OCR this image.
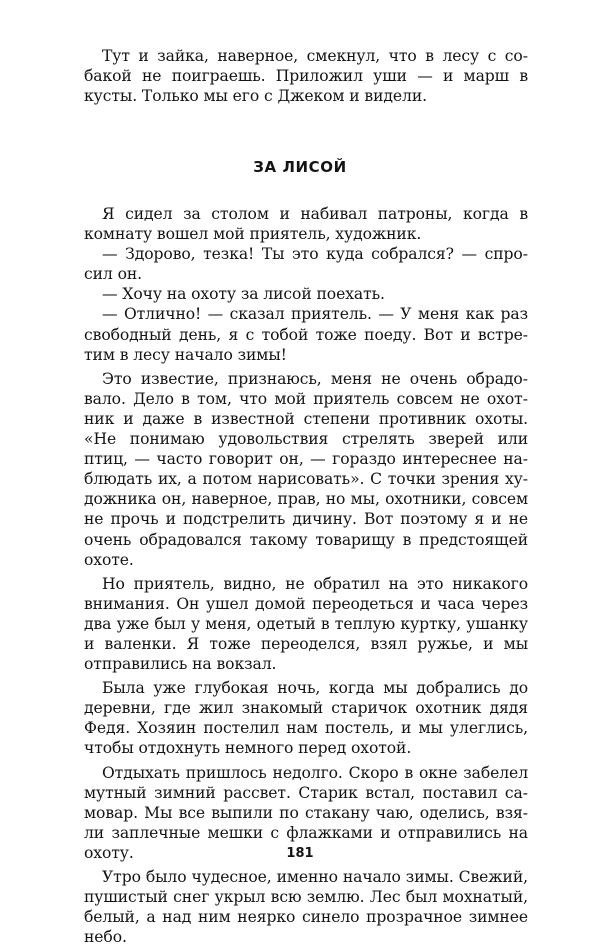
Тут и зайка, наверное, смекнул, что в лесу с собакой не поиграешь. Приложил уши — и марш в кусты. Только мы его с Джеком и видели.

ЗА ЛИСОЙ

Я сидел за столом и набивал патроны, когда в комнату вошел мой приятель, художник.

— Здорово, тезка! Ты это куда собрался? — спросил он.

— Хочу на охоту за лисой поехать.

— Отлично! — сказал приятель. — У меня как раз свободный день, я с тобой тоже поеду. Вот и встретим в лесу начало зимы!

Это известие, признаюсь, меня не очень обрадовало. Дело в том, что мой приятель совсем не охотник и даже в известной степени противник охоты. «Не понимаю удовольствия стрелять зверей или птиц, — часто говорит он, — гораздо интереснее наблюдать их, а потом нарисовать». С точки зрения художника он, наверное, прав, но мы, охотники, совсем не прочь и подстрелить дичину. Вот поэтому я и не очень обрадовался такому товарищу в предстоящей охоте.

Но приятель, видно, не обратил на это никакого внимания. Он ушел домой переодеться и часа через два уже был у меня, одетый в теплую куртку, ушанку и валенки. Я тоже переоделся, взял ружье, и мы отправились на вокзал.

Была уже глубокая ночь, когда мы добрались до деревни, где жил знакомый старичок охотник дядя Федя. Хозяин постелил нам постель, и мы улеглись, чтобы отдохнуть немного перед охотой.

Отдыхать пришлось недолго. Скоро в окне забелел мутный зимний рассвет. Старик встал, поставил самовар. Мы все выпили по стакану чаю, оделись, взяли заплечные мешки с флажками и отправились на охоту.

Утро было чудесное, именно начало зимы. Свежий, пушистый снег укрыл всю землю. Лес был мохнатый, белый, а над ним неярко синело прозрачное зимнее небо.

181
